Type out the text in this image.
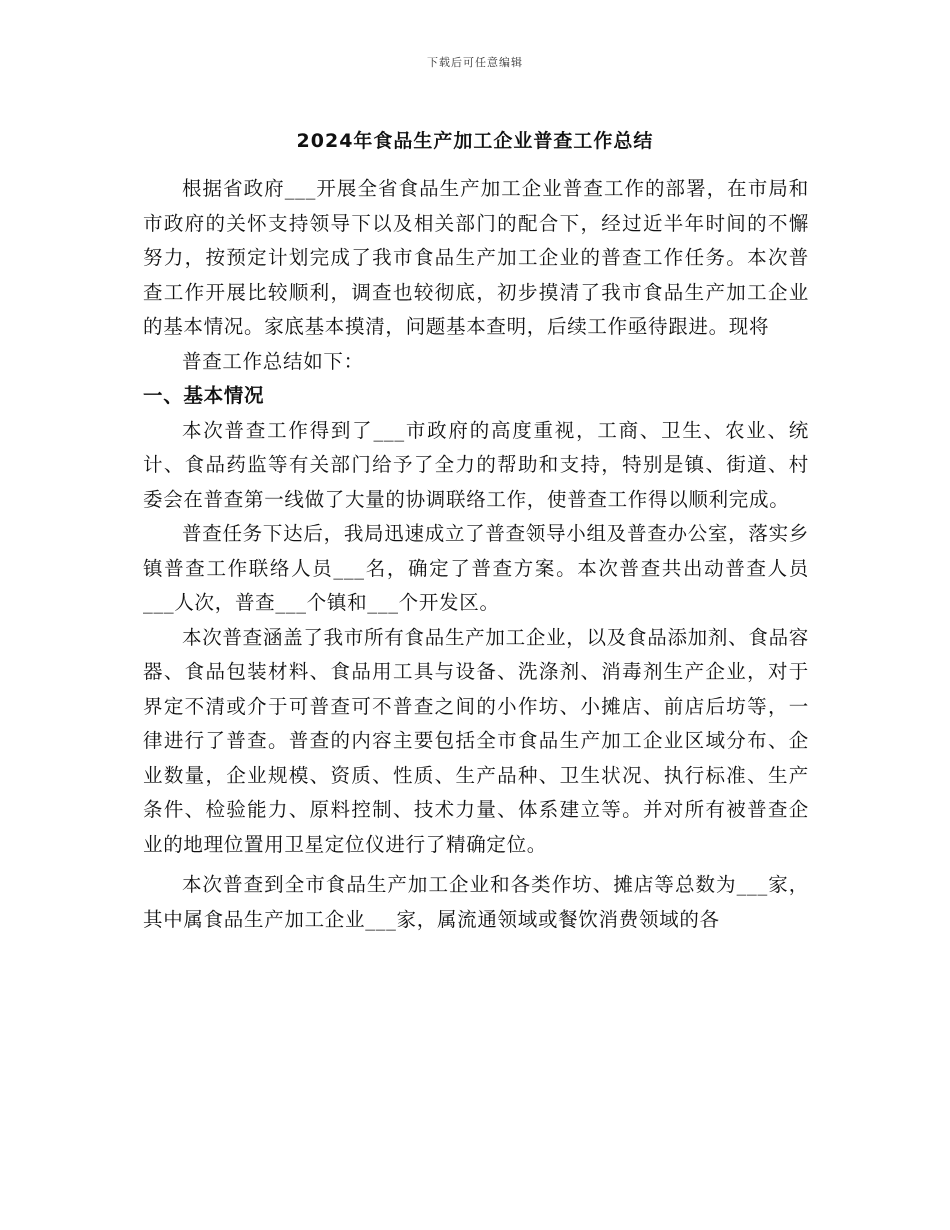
下载后可任意编辑
2024年食品生产加工企业普查工作总结

根据省政府___开展全省食品生产加工企业普查工作的部署，在市局和市政府的关怀支持领导下以及相关部门的配合下，经过近半年时间的不懈努力，按预定计划完成了我市食品生产加工企业的普查工作任务。本次普查工作开展比较顺利，调查也较彻底，初步摸清了我市食品生产加工企业的基本情况。家底基本摸清，问题基本查明，后续工作亟待跟进。现将

普查工作总结如下：

一、基本情况

本次普查工作得到了___市政府的高度重视，工商、卫生、农业、统计、食品药监等有关部门给予了全力的帮助和支持，特别是镇、街道、村委会在普查第一线做了大量的协调联络工作，使普查工作得以顺利完成。

普查任务下达后，我局迅速成立了普查领导小组及普查办公室，落实乡镇普查工作联络人员___名，确定了普查方案。本次普查共出动普查人员___人次，普查___个镇和___个开发区。

本次普查涵盖了我市所有食品生产加工企业，以及食品添加剂、食品容器、食品包装材料、食品用工具与设备、洗涤剂、消毒剂生产企业，对于界定不清或介于可普查可不普查之间的小作坊、小摊店、前店后坊等，一律进行了普查。普查的内容主要包括全市食品生产加工企业区域分布、企业数量，企业规模、资质、性质、生产品种、卫生状况、执行标准、生产条件、检验能力、原料控制、技术力量、体系建立等。并对所有被普查企业的地理位置用卫星定位仪进行了精确定位。

本次普查到全市食品生产加工企业和各类作坊、摊店等总数为___家，其中属食品生产加工企业___家，属流通领域或餐饮消费领域的各
